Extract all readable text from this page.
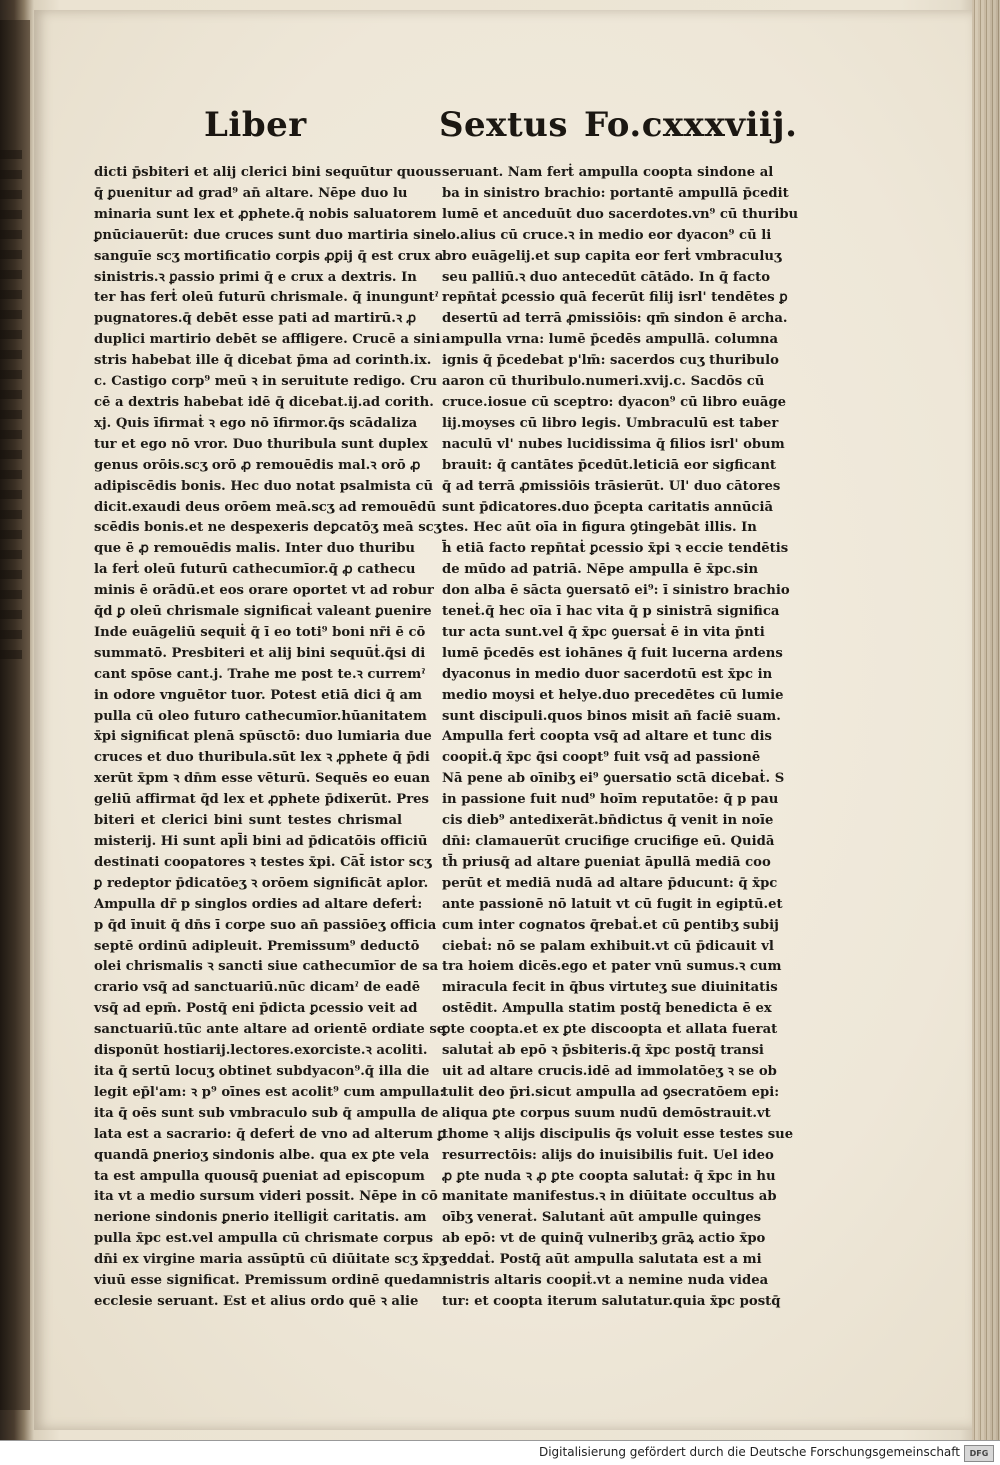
Liber	Sextus Fo.cxxxviij.
dicti p̄sbiteri et alij clerici bini sequūtur quous
q̄ ꝑuenitur ad grad⁹ an̄ altare. Nēpe duo lu
minaria sunt lex et ꝓphete.q̄ nobis saluatorem
ꝑnūciauerūt: due cruces sunt duo martiria sine
sanguīe scʒ mortificatio corꝑis ꝓꝑij q̄ est crux a
sinistris.ꝛ ꝑassio primi q̄ e crux a dextris. In
ter has ferṫ oleū futurū chrismale. q̄ inunguntˀ
pugnatores.q̄ debēt esse pati ad martirū.ꝛ ꝓ
duplici martirio debēt se affligere. Crucē a sini
stris habebat ille q̄ dicebat p̄ma ad corinth.ix.
c. Castigo corp⁹ meū ꝛ in seruitute redigo. Cru
cē a dextris habebat idē q̄ dicebat.ij.ad corith.
xj. Quis īfirmaṫ ꝛ ego nō īfirmor.q̄s scādaliza
tur et ego nō vror. Duo thuribula sunt duplex
genus orōis.scʒ orō ꝓ remouēdis mal.ꝛ orō ꝓ
adipiscēdis bonis. Hec duo notat psalmista cū
dicit.exaudi deus orōem meā.scʒ ad remouēdū
scēdis bonis.et ne despexeris deꝑcatōʒ meā scʒ
que ē ꝓ remouēdis malis. Inter duo thuribu
la ferṫ oleū futurū cathecumīor.q̄ ꝓ cathecu
minis ē orādū.et eos orare oportet vt ad robur
q̄d ꝑ oleū chrismale significaṫ valeant ꝑuenire
Inde euāgeliū sequiṫ q̄ ī eo toti⁹ boni nr̄i ē cō
summatō. Presbiteri et alij bini sequūṫ.q̄si di
cant spōse cant.j. Trahe me post te.ꝛ curremˀ
in odore vnguētor tuor. Potest etiā dici q̄ am
pulla cū oleo futuro cathecumīor.hūanitatem
x̄pi significat plenā spūsctō: duo lumiaria due
cruces et duo thuribula.sūt lex ꝛ ꝓphete q̄ p̄di
xerūt x̄pm ꝛ dn̄m esse vēturū. Sequēs eo euan
geliū affirmat q̄d lex et ꝓphete p̄dixerūt. Pres
biteri et clerici bini sunt testes chrismal
misterij. Hi sunt apl̄i bini ad p̄dicatōis officiū
destinati coopatores ꝛ testes x̄pi. Cāt̄ istor scʒ
ꝑ redeptor p̄dicatōeʒ ꝛ orōem significāt aplor.
Ampulla dr̄ p singlos ordies ad altare deferṫ:
p q̄d īnuit q̄ dn̄s ī corꝑe suo an̄ passiōeʒ officia
septē ordinū adipleuit. Premissum⁹ deductō
olei chrismalis ꝛ sancti siue cathecumīor de sa
crario vsq̄ ad sanctuariū.nūc dicamˀ de eadē
vsq̄ ad epm̄. Postq̄ eni p̄dicta ꝑcessio veit ad
sanctuariū.tūc ante altare ad orientē ordiate se
disponūt hostiarij.lectores.exorciste.ꝛ acoliti.
ita q̄ sertū locuʒ obtinet subdyacon⁹.q̄ illa die
legit ep̄l'am: ꝛ p⁹ oīnes est acolit⁹ cum ampulla:
ita q̄ oēs sunt sub vmbraculo sub q̄ ampulla de
lata est a sacrario: q̄ deferṫ de vno ad alterum ꝑ
quandā ꝑnerioʒ sindonis albe. qua ex ꝑte vela
ta est ampulla quousq̄ ꝑueniat ad episcopum
ita vt a medio sursum videri possit. Nēpe in cō
nerione sindonis ꝑnerio itelligiṫ caritatis. am
pulla x̄pc est.vel ampulla cū chrismate corpus
dn̄i ex virgine maria assūptū cū diūitate scʒ x̄pʒ
viuū esse significat. Premissum ordinē quedam
ecclesie seruant. Est et alius ordo quē ꝛ alie
seruant. Nam ferṫ ampulla coopta sindone al
ba in sinistro brachio: portantē ampullā p̄cedit
lumē et anceduūt duo sacerdotes.vn⁹ cū thuribu
lo.alius cū cruce.ꝛ in medio eor dyacon⁹ cū li
bro euāgelij.et sup capita eor ferṫ vmbraculuʒ
seu palliū.ꝛ duo antecedūt cātādo. In q̄ facto
repn̄taṫ ꝑcessio quā fecerūt filij isrl' tendētes ꝑ
desertū ad terrā ꝓmissiōis: qm̄ sindon ē archa.
ampulla vrna: lumē p̄cedēs ampullā. columna
ignis q̄ p̄cedebat p'lm̄: sacerdos cuʒ thuribulo
aaron cū thuribulo.numeri.xvij.c. Sacdōs cū
cruce.iosue cū sceptro: dyacon⁹ cū libro euāge
lij.moyses cū libro legis. Umbraculū est taber
naculū vl' nubes lucidissima q̄ filios isrl' obum
brauit: q̄ cantātes p̄cedūt.leticiā eor sigficant
q̄ ad terrā ꝓmissiōis trāsierūt. Ul' duo cātores
sunt p̄dicatores.duo p̄cepta caritatis annūciā
tes. Hec aūt oīa in figura ꝯtingebāt illis. In
h̄ etiā facto repn̄taṫ ꝑcessio x̄pi ꝛ eccie tendētis
de mūdo ad patriā. Nēpe ampulla ē x̄pc.sin
don alba ē sācta ꝯuersatō ei⁹: ī sinistro brachio
teneṫ.q̄ hec oīa ī hac vita q̄ p sinistrā significa
tur acta sunt.vel q̄ x̄pc ꝯuersaṫ ē in vita p̄nti
lumē p̄cedēs est iohānes q̄ fuit lucerna ardens
dyaconus in medio duor sacerdotū est x̄pc in
medio moysi et helye.duo precedētes cū lumie
sunt discipuli.quos binos misit an̄ faciē suam.
Ampulla ferṫ coopta vsq̄ ad altare et tunc dis
coopiṫ.q̄ x̄pc q̄si coopt⁹ fuit vsq̄ ad passionē
Nā pene ab oīnibʒ ei⁹ ꝯuersatio sctā dicebaṫ. S
in passione fuit nud⁹ hoīm reputatōe: q̄ p pau
cis dieb⁹ antedixerāt.bn̄dictus q̄ venit in noīe
dn̄i: clamauerūt crucifige crucifige eū. Quidā
th̄ priusq̄ ad altare ꝑueniat āpullā mediā coo
perūt et mediā nudā ad altare p̄ducunt: q̄ x̄pc
ante passionē nō latuit vt cū fugit in egiptū.et
cum inter cognatos q̄rebaṫ.et cū ꝑentibʒ subij
ciebaṫ: nō se palam exhibuit.vt cū p̄dicauit vl
tra hoiem dicēs.ego et pater vnū sumus.ꝛ cum
miracula fecit in q̄bus virtuteʒ sue diuinitatis
ostēdit. Ampulla statim postq̄ benedicta ē ex
ꝑte coopta.et ex ꝑte discoopta et allata fuerat
salutaṫ ab epō ꝛ p̄sbiteris.q̄ x̄pc postq̄ transi
uit ad altare crucis.idē ad immolatōeʒ ꝛ se ob
tulit deo p̄ri.sicut ampulla ad ꝯsecratōem epi:
aliqua ꝑte corpus suum nudū demōstrauit.vt
thome ꝛ alijs discipulis q̄s voluit esse testes sue
resurrectōis: alijs do inuisibilis fuit. Uel ideo
ꝓ ꝑte nuda ꝛ ꝓ ꝑte coopta salutaṫ: q̄ x̄pc in hu
manitate manifestus.ꝛ in diūitate occultus ab
oībʒ veneraṫ. Salutanṫ aūt ampulle quinges
ab epō: vt de quinq̄ vulneribʒ grāꝝ actio x̄po
reddaṫ. Postq̄ aūt ampulla salutata est a mi
nistris altaris coopiṫ.vt a nemine nuda videa
tur: et coopta iterum salutatur.quia x̄pc postq̄
Digitalisierung gefördert durch die Deutsche Forschungsgemeinschaft	DFG
